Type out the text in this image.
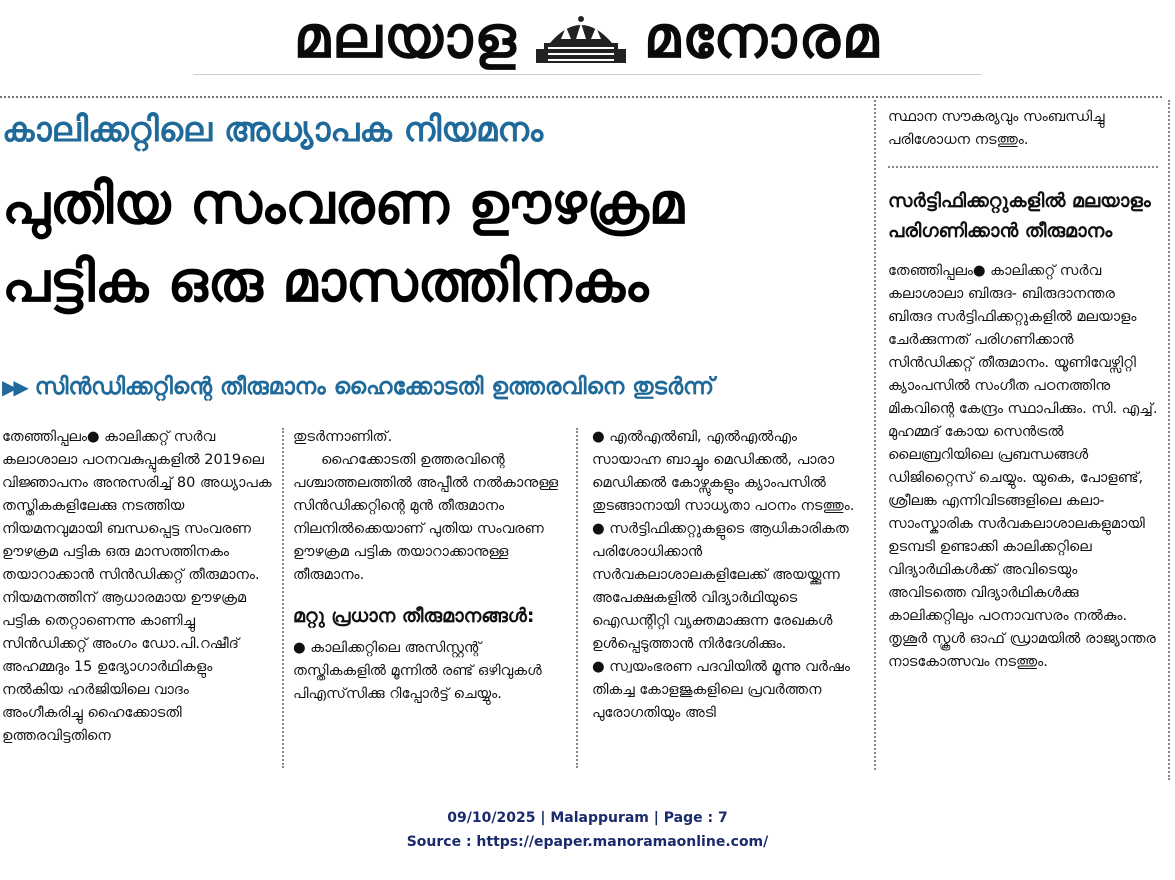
മലയാള മനോരമ
കാലിക്കറ്റിലെ അധ്യാപക നിയമനം
പുതിയ സംവരണ ഊഴക്രമ
പട്ടിക ഒരു മാസത്തിനകം
▶▶ സിൻഡിക്കറ്റിന്റെ തീരുമാനം ഹൈക്കോടതി ഉത്തരവിനെ തുടർന്ന്

തേഞ്ഞിപ്പലം● കാലിക്കറ്റ് സർവ കലാശാലാ പഠനവകുപ്പുകളിൽ 2019ലെ വിജ്ഞാപനം അനുസരിച്ച് 80 അധ്യാപക തസ്തികകളിലേക്കു നടത്തിയ നിയമനവുമായി ബന്ധപ്പെട്ട സംവരണ ഊഴക്രമ പട്ടിക ഒരു മാസത്തിനകം തയാറാക്കാൻ സിൻഡിക്കറ്റ് തീരുമാനം. നിയമനത്തിന് ആധാരമായ ഊഴക്രമ പട്ടിക തെറ്റാണെന്നു കാണിച്ചു സിൻഡിക്കറ്റ് അംഗം ഡോ.പി.റഷീദ് അഹമ്മദും 15 ഉദ്യോഗാർഥികളും നൽകിയ ഹർജിയിലെ വാദം അംഗീകരിച്ചു ഹൈക്കോടതി ഉത്തരവിട്ടതിനെ

തുടർന്നാണിത്.

ഹൈക്കോടതി ഉത്തരവിന്റെ പശ്ചാത്തലത്തിൽ അപ്പീൽ നൽകാനുള്ള സിൻഡിക്കറ്റിന്റെ മുൻ തീരുമാനം നിലനിൽക്കെയാണ് പുതിയ സംവരണ ഊഴക്രമ പട്ടിക തയാറാക്കാനുള്ള തീരുമാനം.

മറ്റു പ്രധാന തീരുമാനങ്ങൾ:

● കാലിക്കറ്റിലെ അസിസ്റ്റന്റ് തസ്തികകളിൽ മൂന്നിൽ രണ്ട് ഒഴിവുകൾ പിഎസ്‌സിക്കു റിപ്പോർട്ട് ചെയ്യും.

● എൽഎൽബി, എൽഎൽഎം സായാഹ്ന ബാച്ചും മെഡിക്കൽ, പാരാ മെഡിക്കൽ കോഴ്സുകളും ക്യാംപസിൽ തുടങ്ങാനായി സാധ്യതാ പഠനം നടത്തും.

● സർട്ടിഫിക്കറ്റുകളുടെ ആധികാരികത പരിശോധിക്കാൻ സർവകലാശാലകളിലേക്ക് അയയ്ക്കുന്ന അപേക്ഷകളിൽ വിദ്യാർഥിയുടെ ഐഡന്റിറ്റി വ്യക്തമാക്കുന്ന രേഖകൾ ഉൾപ്പെടുത്താൻ നിർദേശിക്കും.

● സ്വയംഭരണ പദവിയിൽ മൂന്നു വർഷം തികച്ച കോളജുകളിലെ പ്രവർത്തന പുരോഗതിയും അടി

സ്ഥാന സൗകര്യവും സംബന്ധിച്ചു പരിശോധന നടത്തും.

സർട്ടിഫിക്കറ്റുകളിൽ മലയാളം പരിഗണിക്കാൻ തീരുമാനം

തേഞ്ഞിപ്പലം● കാലിക്കറ്റ് സർവ കലാശാലാ ബിരുദ- ബിരുദാനന്തര ബിരുദ സർട്ടിഫിക്കറ്റുകളിൽ മലയാളം ചേർക്കുന്നത് പരിഗണിക്കാൻ സിൻഡിക്കറ്റ് തീരുമാനം. യൂണിവേഴ്സിറ്റി ക്യാംപസിൽ സംഗീത പഠനത്തിനു മികവിന്റെ കേന്ദ്രം സ്ഥാപിക്കും. സി. എച്ച്. മുഹമ്മദ് കോയ സെൻട്രൽ ലൈബ്രറിയിലെ പ്രബന്ധങ്ങൾ ഡിജിറ്റൈസ് ചെയ്യും. യുകെ, പോളണ്ട്, ശ്രീലങ്ക എന്നിവിടങ്ങളിലെ കലാ- സാംസ്കാരിക സർവകലാശാലകളുമായി ഉടമ്പടി ഉണ്ടാക്കി കാലിക്കറ്റിലെ വിദ്യാർഥികൾക്ക് അവിടെയും അവിടത്തെ വിദ്യാർഥികൾക്കു കാലിക്കറ്റിലും പഠനാവസരം നൽകും. തൃശൂർ സ്കൂൾ ഓഫ് ഡ്രാമയിൽ രാജ്യാന്തര നാടകോത്സവം നടത്തും.

09/10/2025 | Malappuram | Page : 7
Source : https://epaper.manoramaonline.com/
